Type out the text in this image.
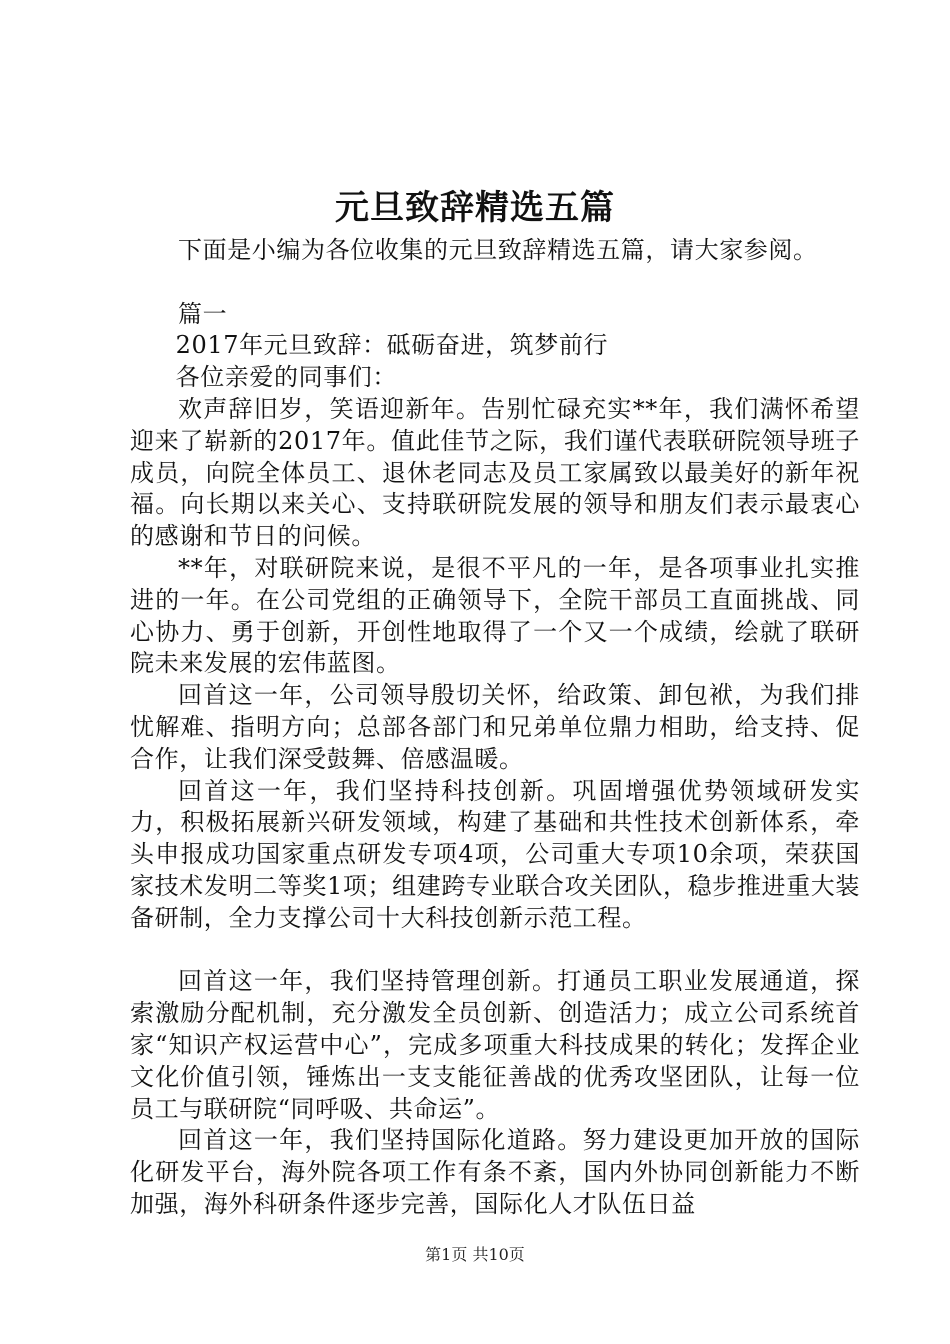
元旦致辞精选五篇

下面是小编为各位收集的元旦致辞精选五篇，请大家参阅。

篇一

2017年元旦致辞：砥砺奋进，筑梦前行

各位亲爱的同事们：

欢声辞旧岁，笑语迎新年。告别忙碌充实**年，我们满怀希望迎来了崭新的2017年。值此佳节之际，我们谨代表联研院领导班子成员，向院全体员工、退休老同志及员工家属致以最美好的新年祝福。向长期以来关心、支持联研院发展的领导和朋友们表示最衷心的感谢和节日的问候。

**年，对联研院来说，是很不平凡的一年，是各项事业扎实推进的一年。在公司党组的正确领导下，全院干部员工直面挑战、同心协力、勇于创新，开创性地取得了一个又一个成绩，绘就了联研院未来发展的宏伟蓝图。

回首这一年，公司领导殷切关怀，给政策、卸包袱，为我们排忧解难、指明方向；总部各部门和兄弟单位鼎力相助，给支持、促合作，让我们深受鼓舞、倍感温暖。

回首这一年，我们坚持科技创新。巩固增强优势领域研发实力，积极拓展新兴研发领域，构建了基础和共性技术创新体系，牵头申报成功国家重点研发专项4项，公司重大专项10余项，荣获国家技术发明二等奖1项；组建跨专业联合攻关团队，稳步推进重大装备研制，全力支撑公司十大科技创新示范工程。

回首这一年，我们坚持管理创新。打通员工职业发展通道，探索激励分配机制，充分激发全员创新、创造活力；成立公司系统首家“知识产权运营中心”，完成多项重大科技成果的转化；发挥企业文化价值引领，锤炼出一支支能征善战的优秀攻坚团队，让每一位员工与联研院“同呼吸、共命运”。

回首这一年，我们坚持国际化道路。努力建设更加开放的国际化研发平台，海外院各项工作有条不紊，国内外协同创新能力不断加强，海外科研条件逐步完善，国际化人才队伍日益

第1页 共10页
